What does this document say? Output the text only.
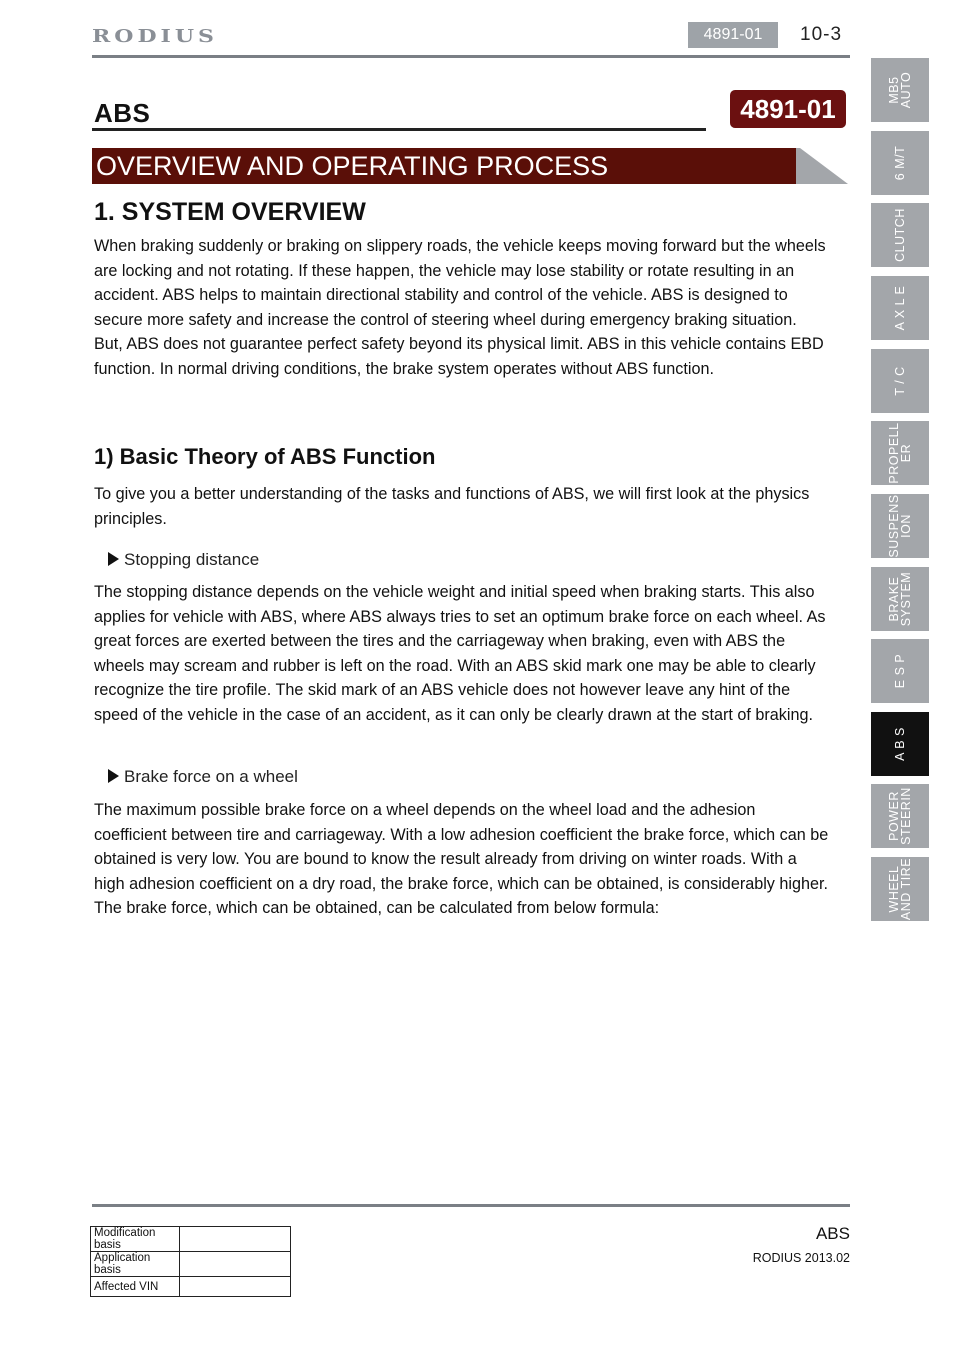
RODIUS	4891-01	10-3
ABS	4891-01
OVERVIEW AND OPERATING PROCESS
1. SYSTEM OVERVIEW
When braking suddenly or braking on slippery roads, the vehicle keeps moving forward but the wheels
are locking and not rotating. If these happen, the vehicle may lose stability or rotate resulting in an
accident. ABS helps to maintain directional stability and control of the vehicle. ABS is designed to
secure more safety and increase the control of steering wheel during emergency braking situation.
But, ABS does not guarantee perfect safety beyond its physical limit. ABS in this vehicle contains EBD
function. In normal driving conditions, the brake system operates without ABS function.
1) Basic Theory of ABS Function
To give you a better understanding of the tasks and functions of ABS, we will first look at the physics
principles.
Stopping distance
The stopping distance depends on the vehicle weight and initial speed when braking starts. This also
applies for vehicle with ABS, where ABS always tries to set an optimum brake force on each wheel. As
great forces are exerted between the tires and the carriageway when braking, even with ABS the
wheels may scream and rubber is left on the road. With an ABS skid mark one may be able to clearly
recognize the tire profile. The skid mark of an ABS vehicle does not however leave any hint of the
speed of the vehicle in the case of an accident, as it can only be clearly drawn at the start of braking.
Brake force on a wheel
The maximum possible brake force on a wheel depends on the wheel load and the adhesion
coefficient between tire and carriageway. With a low adhesion coefficient the brake force, which can be
obtained is very low. You are bound to know the result already from driving on winter roads. With a
high adhesion coefficient on a dry road, the brake force, which can be obtained, is considerably higher.
The brake force, which can be obtained, can be calculated from below formula:
MB5
AUTO
6 M/T
CLUTCH
A X L E
T / C
PROPELL
ER
SUSPENS
ION
BRAKE
SYSTEM
E S P
A B S
POWER
STEERIN
WHEEL
AND TIRE
ABS
RODIUS 2013.02
Modification basis	
Application basis	
Affected VIN	
